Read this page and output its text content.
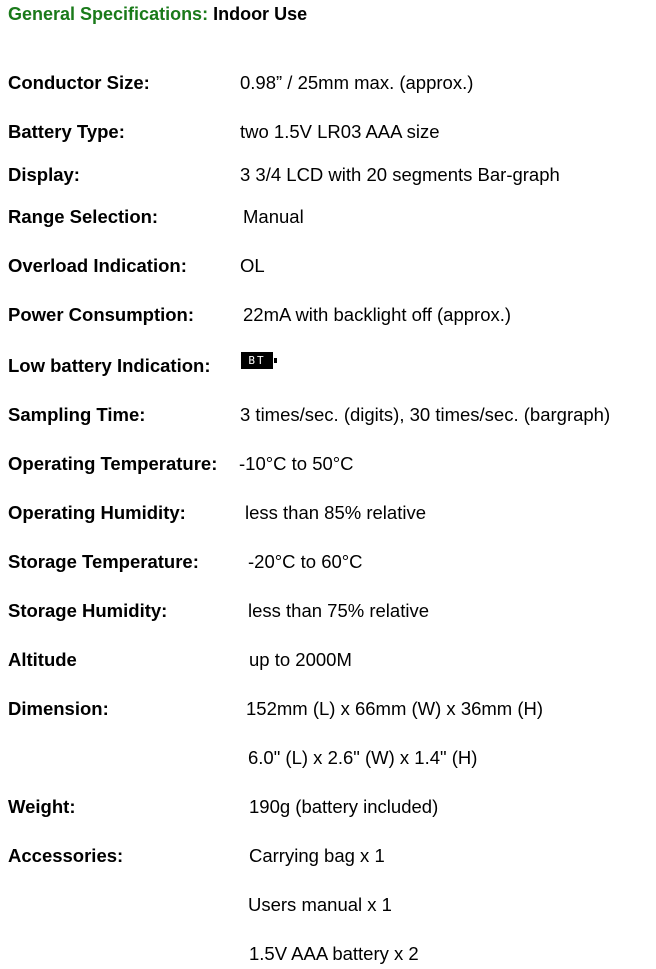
General Specifications: Indoor Use
Conductor Size:	0.98” / 25mm max. (approx.)
Battery Type:	two 1.5V LR03 AAA size
Display:	3 3/4 LCD with 20 segments Bar-graph
Range Selection:	Manual
Overload Indication:	OL
Power Consumption:	22mA with backlight off (approx.)
Low battery Indication:	BT
Sampling Time:	3 times/sec. (digits), 30 times/sec. (bargraph)
Operating Temperature: -10°C to 50°C
Operating Humidity:	less than 85% relative
Storage Temperature:	-20°C to 60°C
Storage Humidity:	less than 75% relative
Altitude	up to 2000M
Dimension:	152mm (L) x 66mm (W) x 36mm (H)
6.0" (L) x 2.6" (W) x 1.4" (H)
Weight:	190g (battery included)
Accessories:	Carrying bag x 1
Users manual x 1
1.5V AAA battery x 2
